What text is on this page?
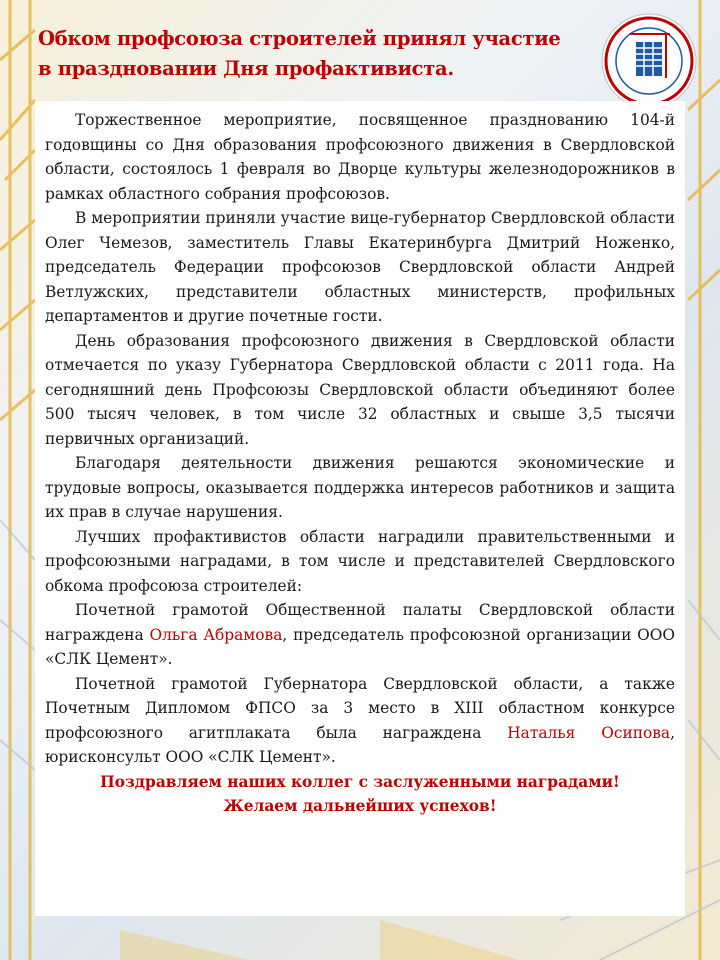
Обком профсоюза строителей принял участие
в праздновании Дня профактивиста.

Торжественное мероприятие, посвященное празднованию 104-й годовщины со Дня образования профсоюзного движения в Свердловской области, состоялось 1 февраля во Дворце культуры железнодорожников в рамках областного собрания профсоюзов.

В мероприятии приняли участие вице-губернатор Свердловской области Олег Чемезов, заместитель Главы Екатеринбурга Дмитрий Ноженко, председатель Федерации профсоюзов Свердловской области Андрей Ветлужских, представители областных министерств, профильных департаментов и другие почетные гости.

День образования профсоюзного движения в Свердловской области отмечается по указу Губернатора Свердловской области с 2011 года. На сегодняшний день Профсоюзы Свердловской области объединяют более 500 тысяч человек, в том числе 32 областных и свыше 3,5 тысячи первичных организаций.

Благодаря деятельности движения решаются экономические и трудовые вопросы, оказывается поддержка интересов работников и защита их прав в случае нарушения.

Лучших профактивистов области наградили правительственными и профсоюзными наградами, в том числе и представителей Свердловского обкома профсоюза строителей:

Почетной грамотой Общественной палаты Свердловской области награждена Ольга Абрамова, председатель профсоюзной организации ООО «СЛК Цемент».

Почетной грамотой Губернатора Свердловской области, а также Почетным Дипломом ФПСО за 3 место в XIII областном конкурсе профсоюзного агитплаката была награждена Наталья Осипова, юрисконсульт ООО «СЛК Цемент».

Поздравляем наших коллег с заслуженными наградами!

Желаем дальнейших успехов!
